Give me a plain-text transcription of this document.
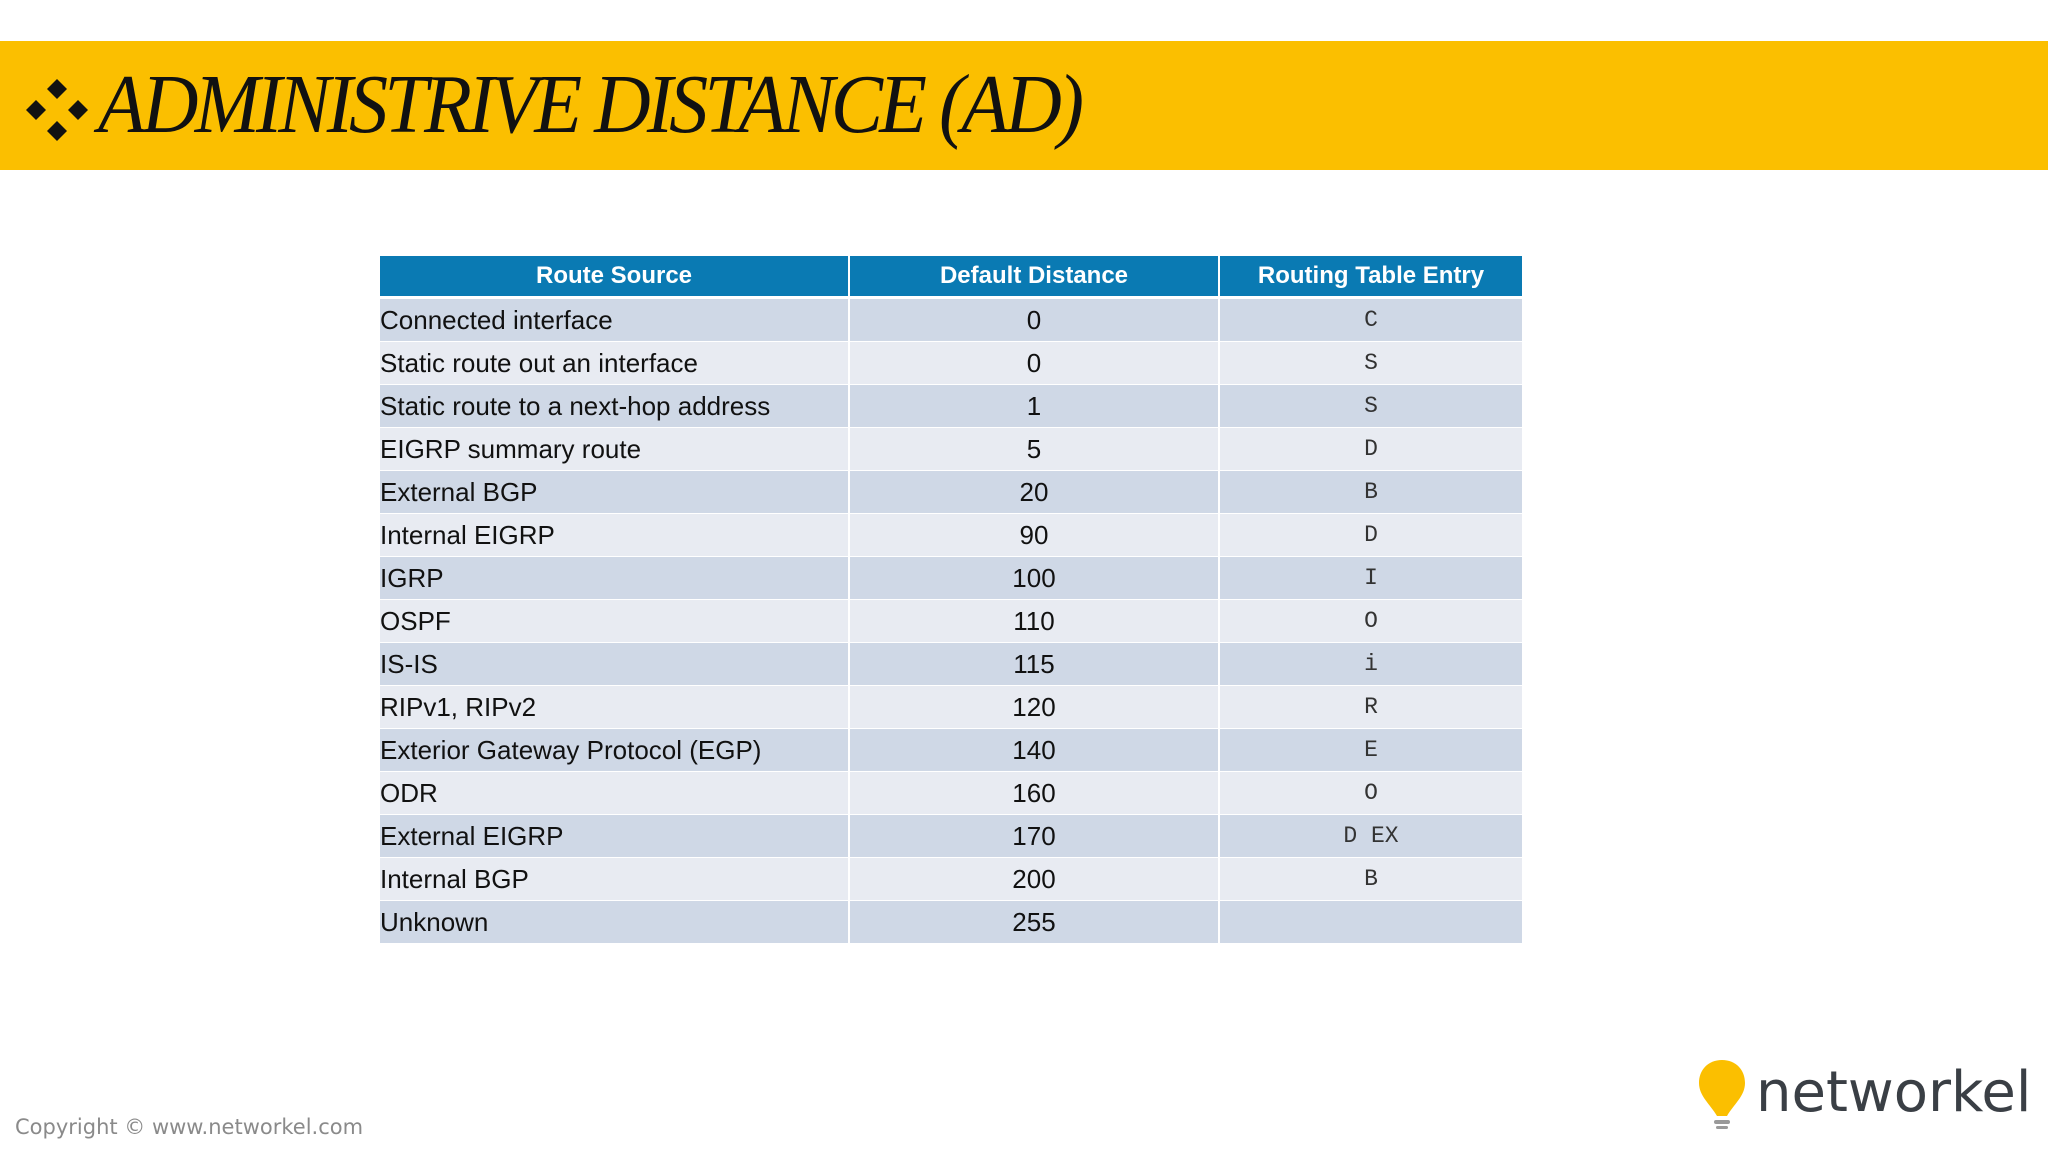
ADMINISTRIVE DISTANCE (AD)
Route Source	Default Distance	Routing Table Entry
Connected interface	0	C
Static route out an interface	0	S
Static route to a next-hop address	1	S
EIGRP summary route	5	D
External BGP	20	B
Internal EIGRP	90	D
IGRP	100	I
OSPF	110	O
IS-IS	115	i
RIPv1, RIPv2	120	R
Exterior Gateway Protocol (EGP)	140	E
ODR	160	O
External EIGRP	170	D EX
Internal BGP	200	B
Unknown	255	
Copyright © www.networkel.com
networkel
